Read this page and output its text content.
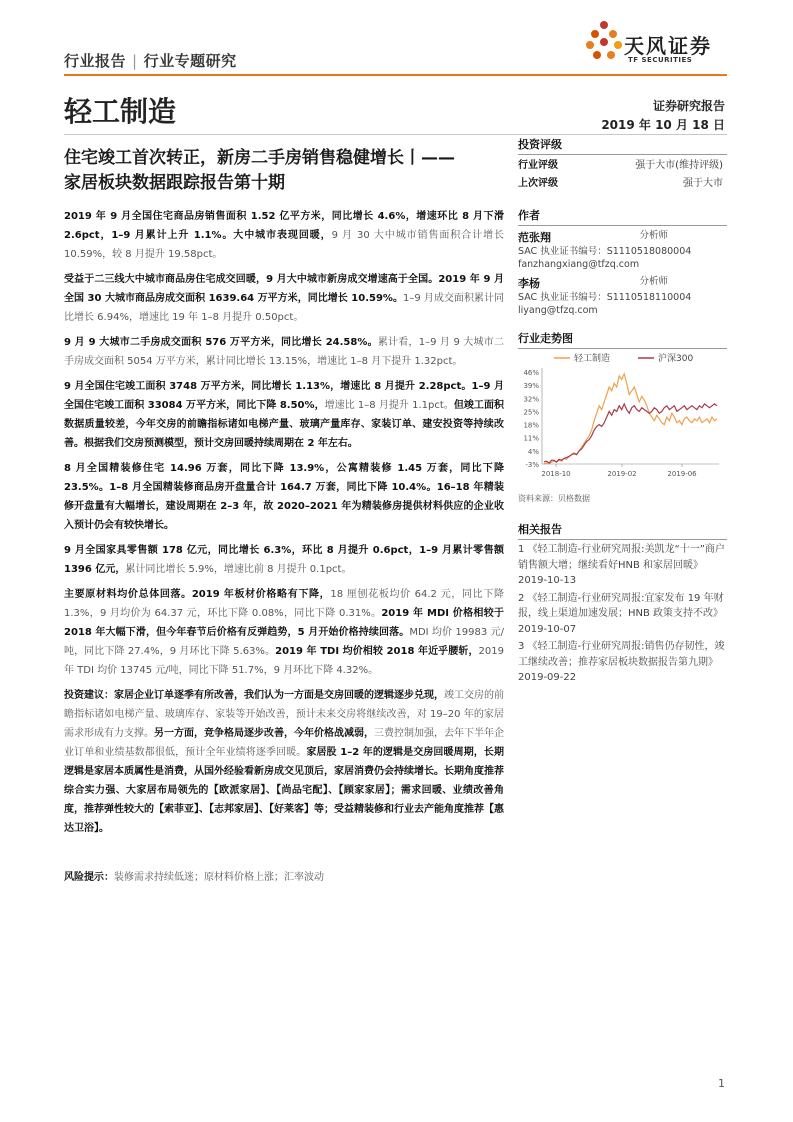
行业报告 | 行业专题研究
天风证券
TF SECURITIES
轻工制造	证券研究报告
2019 年 10 月 18 日
住宅竣工首次转正，新房二手房销售稳健增长丨——
家居板块数据跟踪报告第十期

2019 年 9 月全国住宅商品房销售面积 1.52 亿平方米，同比增长 4.6%，增速环比 8 月下滑 2.6pct，1–9 月累计上升 1.1%。大中城市表现回暖，9 月 30 大中城市销售面积合计增长 10.59%，较 8 月提升 19.58pct。

受益于二三线大中城市商品房住宅成交回暖，9 月大中城市新房成交增速高于全国。2019 年 9 月全国 30 大城市商品房成交面积 1639.64 万平方米，同比增长 10.59%。1–9 月成交面积累计同比增长 6.94%，增速比 19 年 1–8 月提升 0.50pct。

9 月 9 大城市二手房成交面积 576 万平方米，同比增长 24.58%。累计看，1–9 月 9 大城市二手房成交面积 5054 万平方米，累计同比增长 13.15%，增速比 1–8 月下提升 1.32pct。

9 月全国住宅竣工面积 3748 万平方米，同比增长 1.13%，增速比 8 月提升 2.28pct。1–9 月全国住宅竣工面积 33084 万平方米，同比下降 8.50%，增速比 1–8 月提升 1.1pct。但竣工面积数据质量较差，今年交房的前瞻指标诸如电梯产量、玻璃产量库存、家装订单、建安投资等持续改善。根据我们交房预测模型，预计交房回暖持续周期在 2 年左右。

8 月全国精装修住宅 14.96 万套，同比下降 13.9%，公寓精装修 1.45 万套，同比下降 23.5%。1–8 月全国精装修商品房开盘量合计 164.7 万套，同比下降 10.4%。16–18 年精装修开盘量有大幅增长，建设周期在 2–3 年，故 2020–2021 年为精装修房提供材料供应的企业收入预计仍会有较快增长。

9 月全国家具零售额 178 亿元，同比增长 6.3%，环比 8 月提升 0.6pct，1–9 月累计零售额 1396 亿元，累计同比增长 5.9%，增速比前 8 月提升 0.1pct。

主要原材料均价总体回落。2019 年板材价格略有下降，18 厘刨花板均价 64.2 元，同比下降 1.3%，9 月均价为 64.37 元，环比下降 0.08%，同比下降 0.31%。2019 年 MDI 价格相较于 2018 年大幅下滑，但今年春节后价格有反弹趋势，5 月开始价格持续回落。MDI 均价 19983 元/吨，同比下降 27.4%，9 月环比下降 5.63%。2019 年 TDI 均价相较 2018 年近乎腰斩，2019 年 TDI 均价 13745 元/吨，同比下降 51.7%，9 月环比下降 4.32%。

投资建议：家居企业订单逐季有所改善，我们认为一方面是交房回暖的逻辑逐步兑现，竣工交房的前瞻指标诸如电梯产量、玻璃库存、家装等开始改善，预计未来交房将继续改善，对 19–20 年的家居需求形成有力支撑。另一方面，竞争格局逐步改善，今年价格战减弱，三费控制加强，去年下半年企业订单和业绩基数都很低，预计全年业绩将逐季回暖。家居股 1–2 年的逻辑是交房回暖周期，长期逻辑是家居本质属性是消费，从国外经验看新房成交见顶后，家居消费仍会持续增长。长期角度推荐综合实力强、大家居布局领先的【欧派家居】、【尚品宅配】、【顾家家居】；需求回暖、业绩改善角度，推荐弹性较大的【索菲亚】、【志邦家居】、【好莱客】等；受益精装修和行业去产能角度推荐【惠达卫浴】。

风险提示：装修需求持续低迷；原材料价格上涨；汇率波动
投资评级
行业评级	强于大市(维持评级)
上次评级	强于大市
作者
范张翔	分析师
SAC 执业证书编号：S1110518080004
fanzhangxiang@tfzq.com
李杨	分析师
SAC 执业证书编号：S1110518110004
liyang@tfzq.com
行业走势图
轻工制造	沪深300
46%
39%
32%
25%
18%
11%
4%
-3%
2018-10	2019-02	2019-06
资料来源：贝格数据
相关报告
1 《轻工制造-行业研究周报:美凯龙“十一”商户销售额大增；继续看好HNB 和家居回暖》 2019-10-13
2 《轻工制造-行业研究周报:宜家发布 19 年财报，线上渠道加速发展；HNB 政策支持不改》 2019-10-07
3 《轻工制造-行业研究周报:销售仍存韧性，竣工继续改善；推荐家居板块数据报告第九期》 2019-09-22
1
